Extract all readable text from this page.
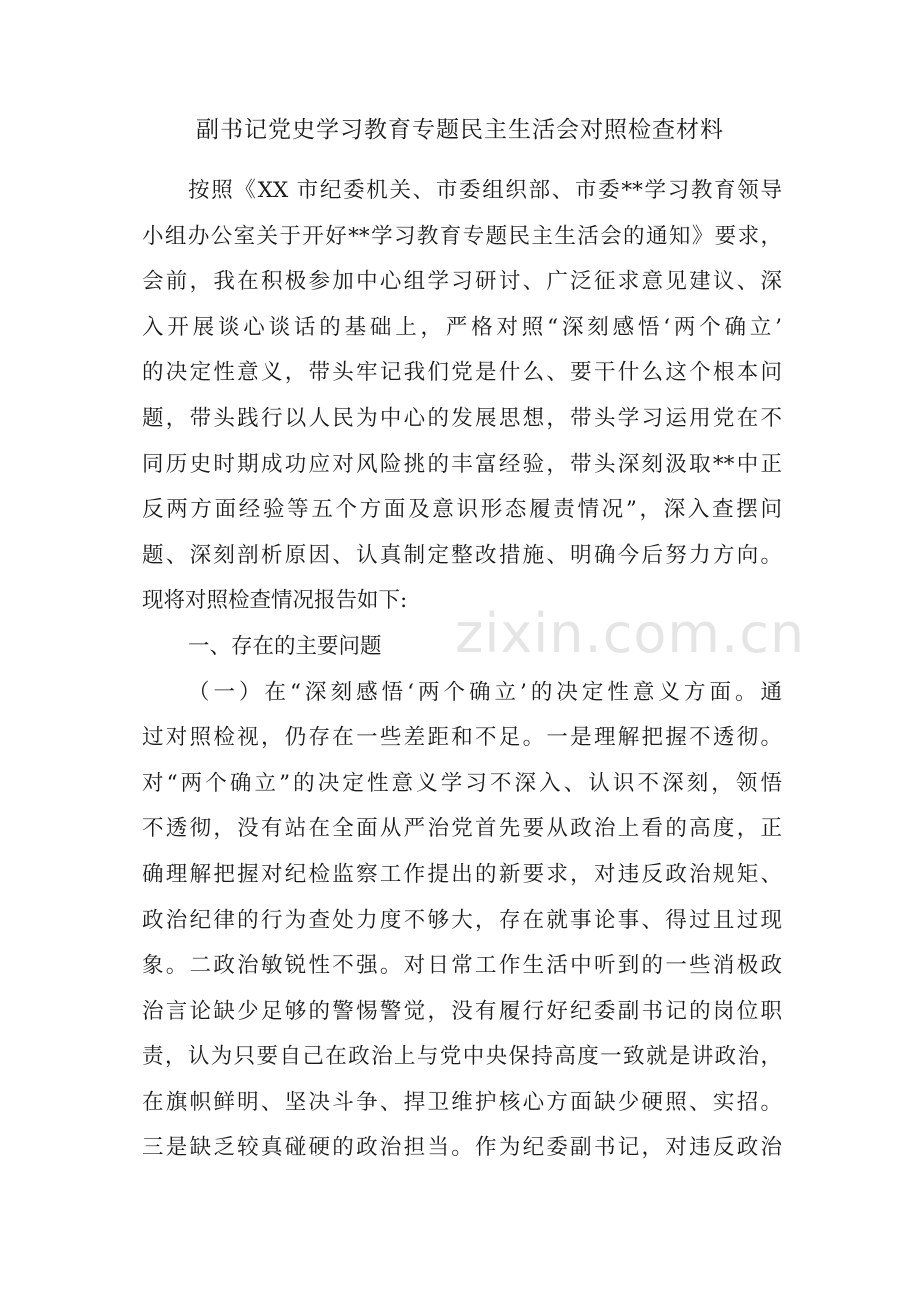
副书记党史学习教育专题民主生活会对照检查材料
按照《XX 市纪委机关、市委组织部、市委**学习教育领导
小组办公室关于开好**学习教育专题民主生活会的通知》要求，
会前，我在积极参加中心组学习研讨、广泛征求意见建议、深
入开展谈心谈话的基础上，严格对照“深刻感悟‘两个确立’
的决定性意义，带头牢记我们党是什么、要干什么这个根本问
题，带头践行以人民为中心的发展思想，带头学习运用党在不
同历史时期成功应对风险挑的丰富经验，带头深刻汲取**中正
反两方面经验等五个方面及意识形态履责情况”，深入查摆问
题、深刻剖析原因、认真制定整改措施、明确今后努力方向。
现将对照检查情况报告如下:
一、存在的主要问题
（一）在“深刻感悟‘两个确立’的决定性意义方面。通
过对照检视，仍存在一些差距和不足。一是理解把握不透彻。
对“两个确立”的决定性意义学习不深入、认识不深刻，领悟
不透彻，没有站在全面从严治党首先要从政治上看的高度，正
确理解把握对纪检监察工作提出的新要求，对违反政治规矩、
政治纪律的行为查处力度不够大，存在就事论事、得过且过现
象。二政治敏锐性不强。对日常工作生活中听到的一些消极政
治言论缺少足够的警惕警觉，没有履行好纪委副书记的岗位职
责，认为只要自己在政治上与党中央保持高度一致就是讲政治，
在旗帜鲜明、坚决斗争、捍卫维护核心方面缺少硬照、实招。
三是缺乏较真碰硬的政治担当。作为纪委副书记，对违反政治
zixin.com.cn
